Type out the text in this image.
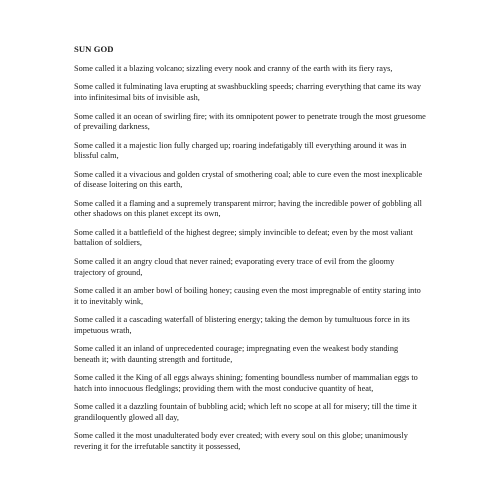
SUN GOD
Some called it a blazing volcano; sizzling every nook and cranny of the earth with its fiery rays,
Some called it fulminating lava erupting at swashbuckling speeds; charring everything that came its way into infinitesimal bits of invisible ash,
Some called it an ocean of swirling fire; with its omnipotent power to penetrate trough the most gruesome of prevailing darkness,
Some called it a majestic lion fully charged up; roaring indefatigably till everything around it was in blissful calm,
Some called it a vivacious and golden crystal of smothering coal; able to cure even the most inexplicable of disease loitering on this earth,
Some called it a flaming and a supremely transparent mirror; having the incredible power of gobbling all other shadows on this planet except its own,
Some called it a battlefield of the highest degree; simply invincible to defeat; even by the most valiant battalion of soldiers,
Some called it an angry cloud that never rained; evaporating every trace of evil from the gloomy trajectory of ground,
Some called it an amber bowl of boiling honey; causing even the most impregnable of entity staring into it to inevitably wink,
Some called it a cascading waterfall of blistering energy; taking the demon by tumultuous force in its impetuous wrath,
Some called it an inland of unprecedented courage; impregnating even the weakest body standing beneath it; with daunting strength and fortitude,
Some called it the King of all eggs always shining; fomenting boundless number of mammalian eggs to hatch into innocuous fledglings; providing them with the most conducive quantity of heat,
Some called it a dazzling fountain of bubbling acid; which left no scope at all for misery; till the time it grandiloquently glowed all day,
Some called it the most unadulterated body ever created; with every soul on this globe; unanimously revering it for the irrefutable sanctity it possessed,
